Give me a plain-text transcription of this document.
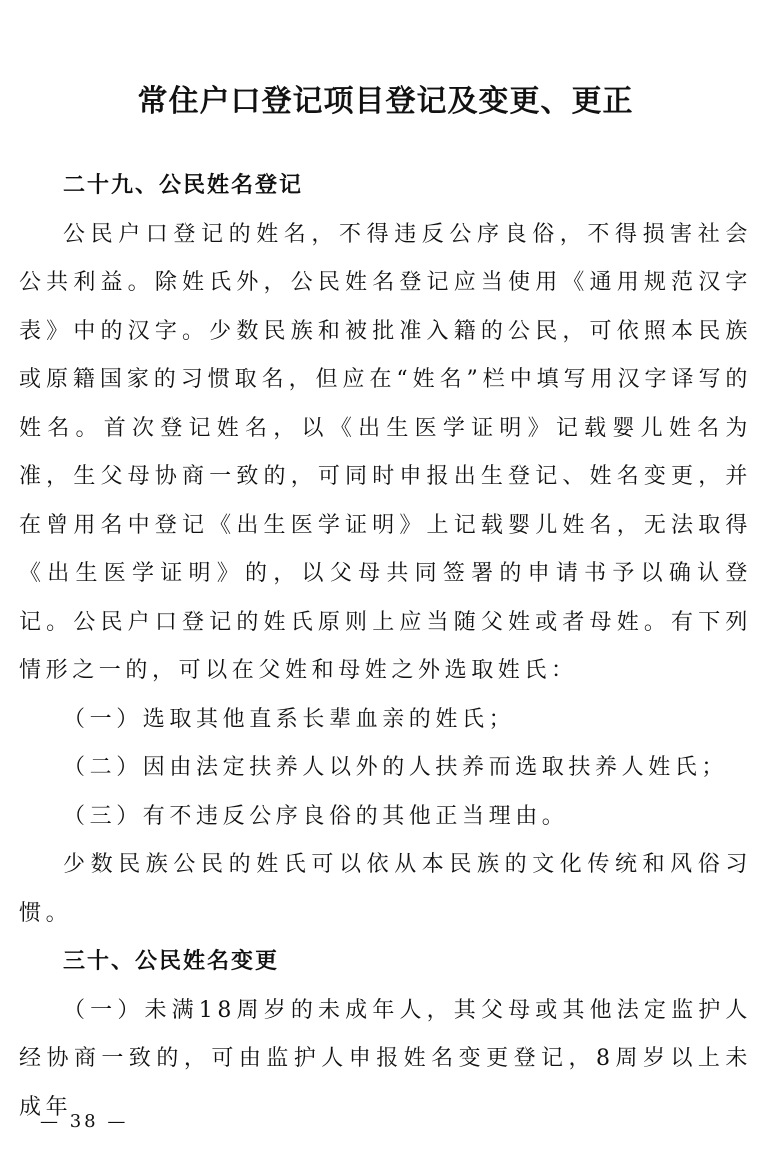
常住户口登记项目登记及变更、更正

二十九、公民姓名登记

公民户口登记的姓名，不得违反公序良俗，不得损害社会公共利益。除姓氏外，公民姓名登记应当使用《通用规范汉字表》中的汉字。少数民族和被批准入籍的公民，可依照本民族或原籍国家的习惯取名，但应在“姓名”栏中填写用汉字译写的姓名。首次登记姓名，以《出生医学证明》记载婴儿姓名为准，生父母协商一致的，可同时申报出生登记、姓名变更，并在曾用名中登记《出生医学证明》上记载婴儿姓名，无法取得《出生医学证明》的，以父母共同签署的申请书予以确认登记。公民户口登记的姓氏原则上应当随父姓或者母姓。有下列情形之一的，可以在父姓和母姓之外选取姓氏：

（一）选取其他直系长辈血亲的姓氏；

（二）因由法定扶养人以外的人扶养而选取扶养人姓氏；

（三）有不违反公序良俗的其他正当理由。

少数民族公民的姓氏可以依从本民族的文化传统和风俗习惯。

三十、公民姓名变更

（一）未满18周岁的未成年人，其父母或其他法定监护人经协商一致的，可由监护人申报姓名变更登记，8周岁以上未成年

— 38 —
